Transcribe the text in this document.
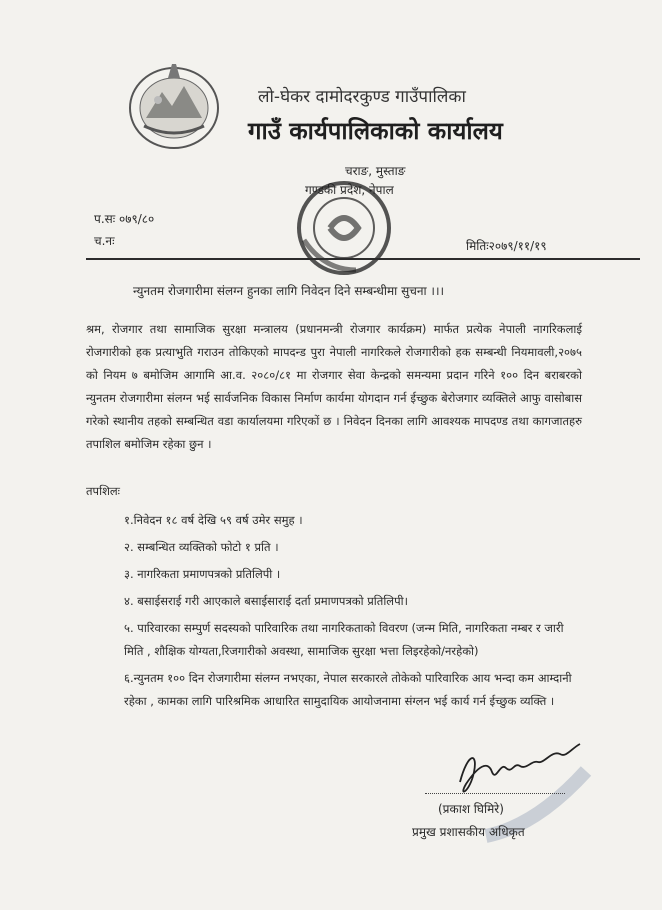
लो-घेकर दामोदरकुण्ड गाउँपालिका
गाउँ कार्यपालिकाको कार्यालय
चराङ, मुस्ताङ
गण्डकी प्रदेश, नेपाल
प.सः ०७९/८०
च.नः	मितिः२०७९/११/१९
न्युनतम रोजगारीमा संलग्न हुनका लागि निवेदन दिने सम्बन्धीमा सुचना ।।।
श्रम, रोजगार तथा सामाजिक सुरक्षा मन्त्रालय (प्रधानमन्त्री रोजगार कार्यक्रम) मार्फत प्रत्येक नेपाली नागरिकलाई रोजगारीको हक प्रत्याभुति गराउन तोकिएको मापदन्ड पुरा नेपाली नागरिकले रोजगारीको हक सम्बन्धी नियमावली,२०७५ को नियम ७ बमोजिम आगामि आ.व. २०८०/८१ मा रोजगार सेवा केन्द्रको समन्यमा प्रदान गरिने १०० दिन बराबरको न्युनतम रोजगारीमा संलग्न भई सार्वजनिक विकास निर्माण कार्यमा योगदान गर्न ईच्छुक बेरोजगार व्यक्तिले आफु वासोबास गरेको स्थानीय तहको सम्बन्धित वडा कार्यालयमा गरिएकों छ । निवेदन दिनका लागि आवश्यक मापदण्ड तथा कागजातहरु तपाशिल बमोजिम रहेका छुन ।
तपशिलः
१.निवेदन १८ वर्ष देखि ५९ वर्ष उमेर समुह ।
२. सम्बन्धित व्यक्तिको फोटो १ प्रति ।
३. नागरिकता प्रमाणपत्रको प्रतिलिपी ।
४. बसाईसराई गरी आएकाले बसाईसाराई दर्ता प्रमाणपत्रको प्रतिलिपी।
५. पारिवारका सम्पुर्ण सदस्यको पारिवारिक तथा नागरिकताको विवरण (जन्म मिति, नागरिकता नम्बर र जारी मिति , शौक्षिक योग्यता,रिजगारीको अवस्था, सामाजिक सुरक्षा भत्ता लिइरहेको/नरहेको)
६.न्युनतम १०० दिन रोजगारीमा संलग्न नभएका, नेपाल सरकारले तोकेको पारिवारिक आय भन्दा कम आम्दानी रहेका , कामका लागि पारिश्रमिक आधारित सामुदायिक आयोजनामा संग्लन भई कार्य गर्न ईच्छुक व्यक्ति ।
(प्रकाश घिमिरे)
प्रमुख प्रशासकीय अधिकृत
